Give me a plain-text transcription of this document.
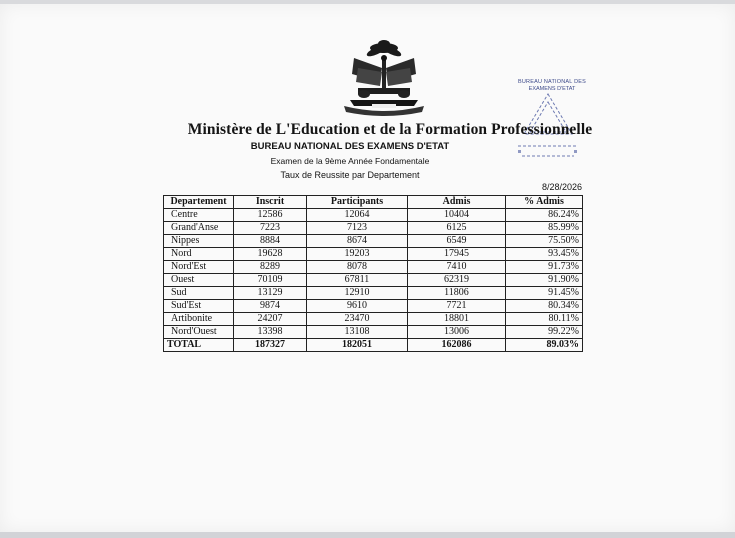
BUREAU NATIONAL DES
EXAMENS D'ETAT
Ministère de L'Education et de la Formation Professionnelle
BUREAU NATIONAL DES EXAMENS D'ETAT
Examen de la 9ème Année Fondamentale
Taux de Reussite par Departement
8/28/2026
Departement	Inscrit	Participants	Admis	% Admis
Centre	12586	12064	10404	86.24%
Grand'Anse	7223	7123	6125	85.99%
Nippes	8884	8674	6549	75.50%
Nord	19628	19203	17945	93.45%
Nord'Est	8289	8078	7410	91.73%
Ouest	70109	67811	62319	91.90%
Sud	13129	12910	11806	91.45%
Sud'Est	9874	9610	7721	80.34%
Artibonite	24207	23470	18801	80.11%
Nord'Ouest	13398	13108	13006	99.22%
TOTAL	187327	182051	162086	89.03%
